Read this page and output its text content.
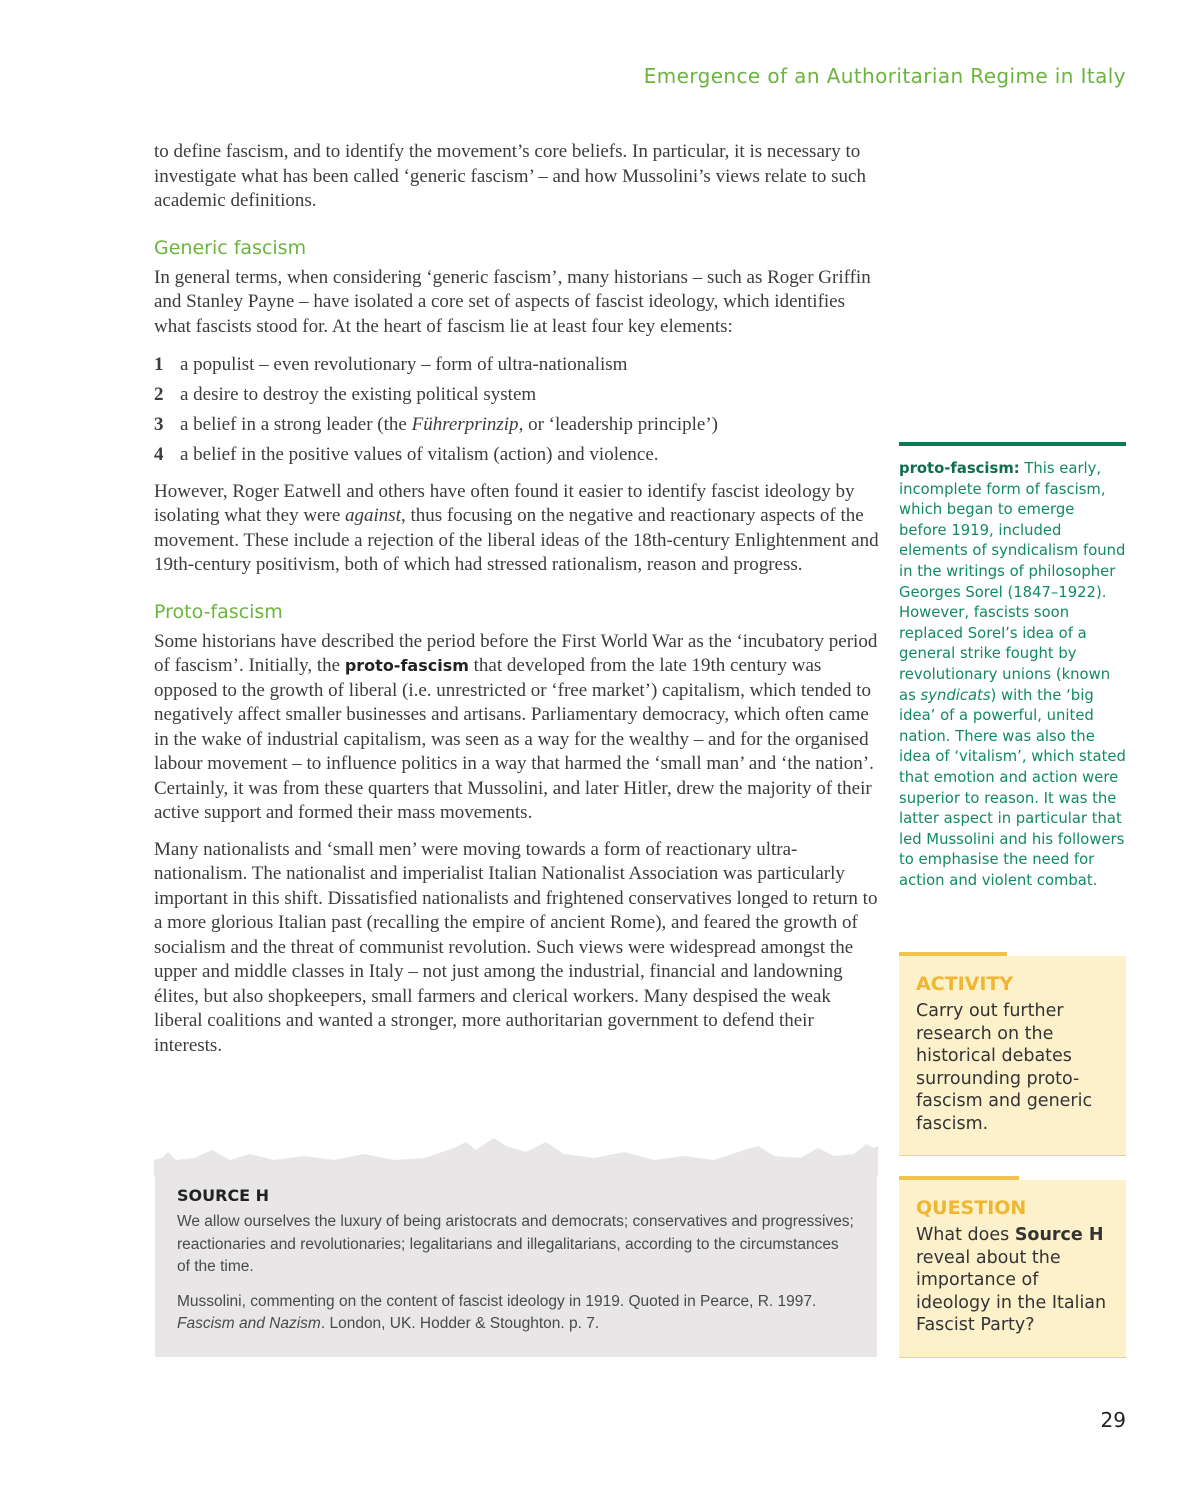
Emergence of an Authoritarian Regime in Italy

to define fascism, and to identify the movement’s core beliefs. In particular, it is necessary to investigate what has been called ‘generic fascism’ – and how Mussolini’s views relate to such academic definitions.

Generic fascism

In general terms, when considering ‘generic fascism’, many historians – such as Roger Griffin and Stanley Payne – have isolated a core set of aspects of fascist ideology, which identifies what fascists stood for. At the heart of fascism lie at least four key elements:

1 a populist – even revolutionary – form of ultra-nationalism
2 a desire to destroy the existing political system
3 a belief in a strong leader (the Führerprinzip, or ‘leadership principle’)
4 a belief in the positive values of vitalism (action) and violence.

However, Roger Eatwell and others have often found it easier to identify fascist ideology by isolating what they were against, thus focusing on the negative and reactionary aspects of the movement. These include a rejection of the liberal ideas of the 18th-century Enlightenment and 19th-century positivism, both of which had stressed rationalism, reason and progress.

Proto-fascism

Some historians have described the period before the First World War as the ‘incubatory period of fascism’. Initially, the proto-fascism that developed from the late 19th century was opposed to the growth of liberal (i.e. unrestricted or ‘free market’) capitalism, which tended to negatively affect smaller businesses and artisans. Parliamentary democracy, which often came in the wake of industrial capitalism, was seen as a way for the wealthy – and for the organised labour movement – to influence politics in a way that harmed the ‘small man’ and ‘the nation’. Certainly, it was from these quarters that Mussolini, and later Hitler, drew the majority of their active support and formed their mass movements.

Many nationalists and ‘small men’ were moving towards a form of reactionary ultra-nationalism. The nationalist and imperialist Italian Nationalist Association was particularly important in this shift. Dissatisfied nationalists and frightened conservatives longed to return to a more glorious Italian past (recalling the empire of ancient Rome), and feared the growth of socialism and the threat of communist revolution. Such views were widespread amongst the upper and middle classes in Italy – not just among the industrial, financial and landowning élites, but also shopkeepers, small farmers and clerical workers. Many despised the weak liberal coalitions and wanted a stronger, more authoritarian government to defend their interests.

SOURCE H

We allow ourselves the luxury of being aristocrats and democrats; conservatives and progressives; reactionaries and revolutionaries; legalitarians and illegalitarians, according to the circumstances of the time.

Mussolini, commenting on the content of fascist ideology in 1919. Quoted in Pearce, R. 1997. Fascism and Nazism. London, UK. Hodder & Stoughton. p. 7.

proto-fascism: This early, incomplete form of fascism, which began to emerge before 1919, included elements of syndicalism found in the writings of philosopher Georges Sorel (1847–1922). However, fascists soon replaced Sorel’s idea of a general strike fought by revolutionary unions (known as syndicats) with the ‘big idea’ of a powerful, united nation. There was also the idea of ‘vitalism’, which stated that emotion and action were superior to reason. It was the latter aspect in particular that led Mussolini and his followers to emphasise the need for action and violent combat.

ACTIVITY

Carry out further research on the historical debates surrounding proto-fascism and generic fascism.

QUESTION

What does Source H reveal about the importance of ideology in the Italian Fascist Party?

29
